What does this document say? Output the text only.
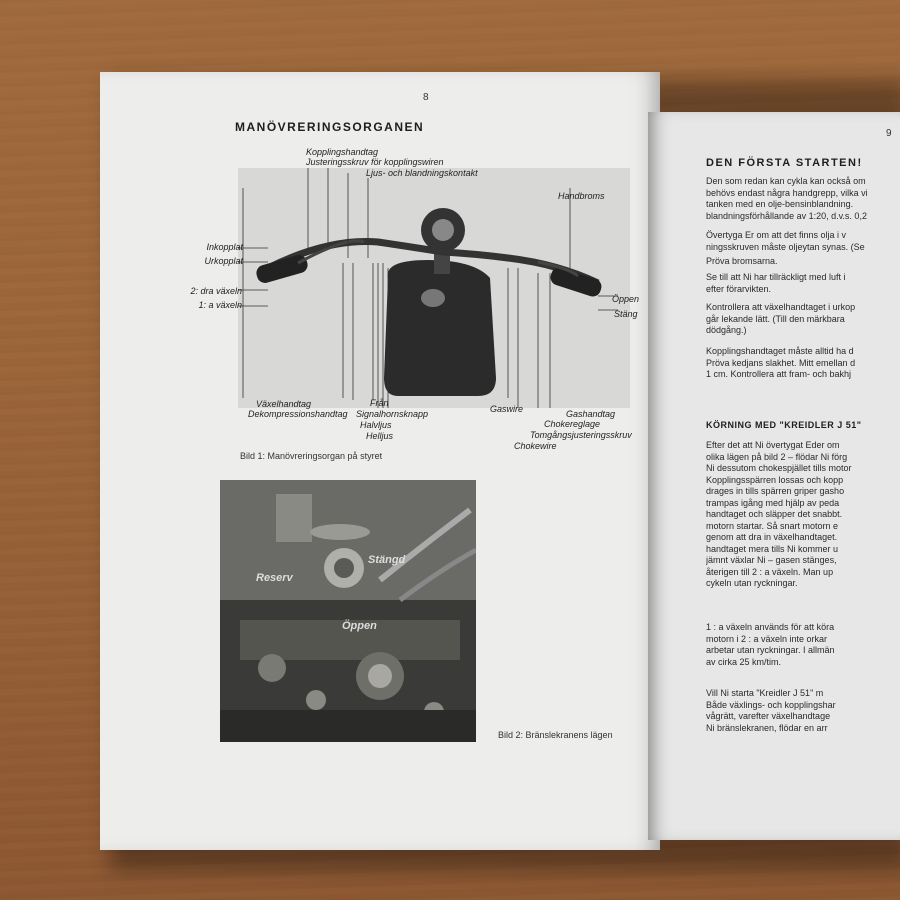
8
MANÖVRERINGSORGANEN
Kopplingshandtag
Justeringsskruv för kopplingswiren
Ljus- och blandningskontakt
Handbroms
Inkopplat
Urkopplat
2: dra växeln
1: a växeln
Öppen
Stäng
Växelhandtag
Dekompressionshandtag
Från
Signalhornsknapp
Halvljus
Helljus
Gaswire	Gashandtag
Chokereglage
Tomgångsjusteringsskruv
Chokewire
Bild 1: Manövreringsorgan på styret
Reserv
Stängd
Öppen
Bild 2: Bränslekranens lägen
9
DEN FÖRSTA STARTEN!
Den som redan kan cykla kan också om
behövs endast några handgrepp, vilka vi
tanken med en olje-bensinblandning.
blandningsförhållande av 1:20, d.v.s. 0,2
Övertyga Er om att det finns olja i v
ningsskruven måste oljeytan synas. (Se
Pröva bromsarna.
Se till att Ni har tillräckligt med luft i
efter förarvikten.
Kontrollera att växelhandtaget i urkop
går lekande lätt. (Till den märkbara
dödgång.)
Kopplingshandtaget måste alltid ha d
Pröva kedjans slakhet. Mitt emellan d
1 cm. Kontrollera att fram- och bakhj
KÖRNING MED "KREIDLER J 51"
Efter det att Ni övertygat Eder om
olika lägen på bild 2 – flödar Ni förg
Ni dessutom chokespjället tills motor
Kopplingsspärren lossas och kopp
drages in tills spärren griper gasho
trampas igång med hjälp av peda
handtaget och släpper det snabbt.
motorn startar. Så snart motorn e
genom att dra in växelhandtaget.
handtaget mera tills Ni kommer u
jämnt växlar Ni – gasen stänges,
återigen till 2 : a växeln. Man up
cykeln utan ryckningar.
1 : a växeln används för att köra
motorn i 2 : a växeln inte orkar
arbetar utan ryckningar. I allmän
av cirka 25 km/tim.
Vill Ni starta "Kreidler J 51" m
Både växlings- och kopplingshar
vågrätt, varefter växelhandtage
Ni bränslekranen, flödar en arr
